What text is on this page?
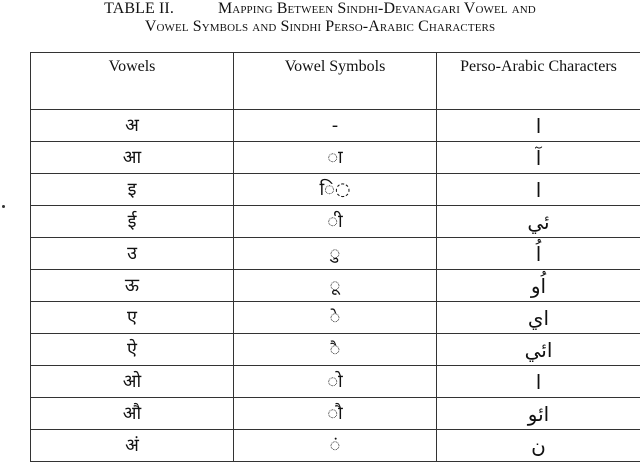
TABLE II.	Mapping Between Sindhi-Devanagari Vowel and
Vowel Symbols and Sindhi Perso-Arabic Characters
Vowels	Vowel Symbols	Perso-Arabic Characters
अ	-	ا
आ	◌ा	آ
इ	ि◌	ا
ई	◌ी	ئي
उ	◌ु	اُ
ऊ	◌ू	اُو
ए	◌े	اي
ऐ	◌ै	ائي
ओ	◌ो	ا
औ	◌ौ	ائو
अं	◌ं	ن
